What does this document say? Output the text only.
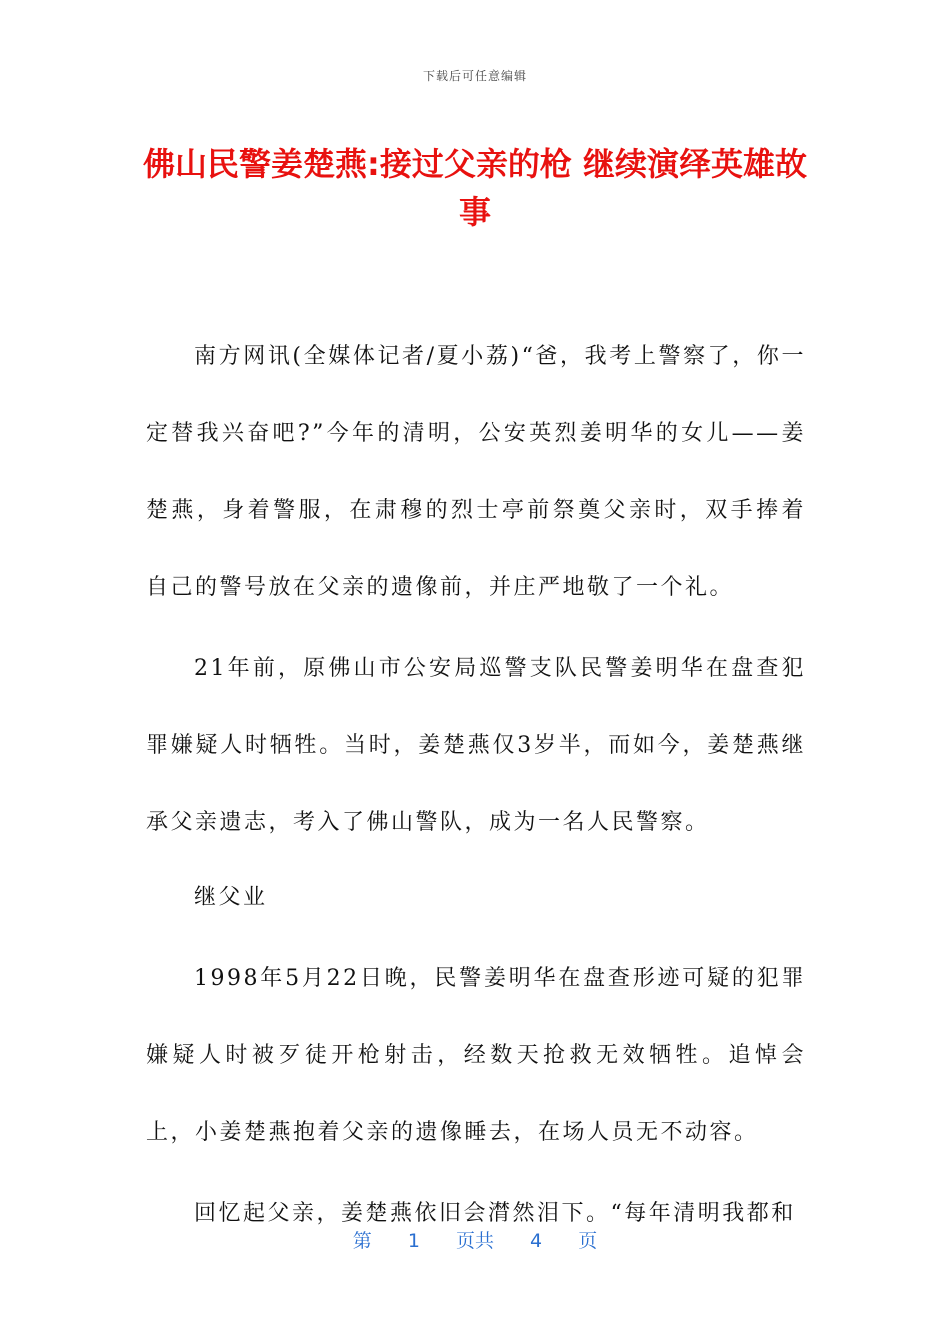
下载后可任意编辑
佛山民警姜楚燕:接过父亲的枪 继续演绎英雄故事

南方网讯(全媒体记者/夏小荔)“爸，我考上警察了，你一定替我兴奋吧?”今年的清明，公安英烈姜明华的女儿——姜楚燕，身着警服，在肃穆的烈士亭前祭奠父亲时，双手捧着自己的警号放在父亲的遗像前，并庄严地敬了一个礼。

21年前，原佛山市公安局巡警支队民警姜明华在盘查犯罪嫌疑人时牺牲。当时，姜楚燕仅3岁半，而如今，姜楚燕继承父亲遗志，考入了佛山警队，成为一名人民警察。

继父业

1998年5月22日晚，民警姜明华在盘查形迹可疑的犯罪嫌疑人时被歹徒开枪射击，经数天抢救无效牺牲。追悼会上，小姜楚燕抱着父亲的遗像睡去，在场人员无不动容。

回忆起父亲，姜楚燕依旧会潸然泪下。“每年清明我都和

第 1 页共 4 页
